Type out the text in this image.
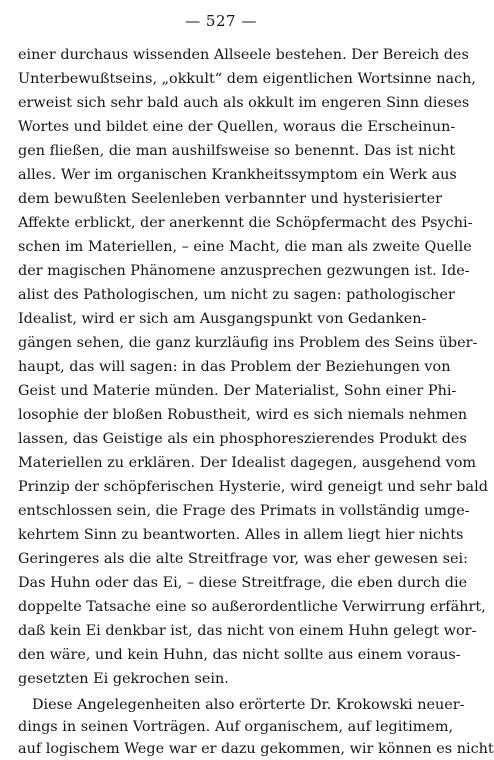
— 527 —
einer durchaus wissenden Allseele bestehen. Der Bereich des
Unterbewußtseins, „okkult“ dem eigentlichen Wortsinne nach,
erweist sich sehr bald auch als okkult im engeren Sinn dieses
Wortes und bildet eine der Quellen, woraus die Erscheinun-
gen fließen, die man aushilfsweise so benennt. Das ist nicht
alles. Wer im organischen Krankheitssymptom ein Werk aus
dem bewußten Seelenleben verbannter und hysterisierter
Affekte erblickt, der anerkennt die Schöpfermacht des Psychi-
schen im Materiellen, – eine Macht, die man als zweite Quelle
der magischen Phänomene anzusprechen gezwungen ist. Ide-
alist des Pathologischen, um nicht zu sagen: pathologischer
Idealist, wird er sich am Ausgangspunkt von Gedanken-
gängen sehen, die ganz kurzläufig ins Problem des Seins über-
haupt, das will sagen: in das Problem der Beziehungen von
Geist und Materie münden. Der Materialist, Sohn einer Phi-
losophie der bloßen Robustheit, wird es sich niemals nehmen
lassen, das Geistige als ein phosphoreszierendes Produkt des
Materiellen zu erklären. Der Idealist dagegen, ausgehend vom
Prinzip der schöpferischen Hysterie, wird geneigt und sehr bald
entschlossen sein, die Frage des Primats in vollständig umge-
kehrtem Sinn zu beantworten. Alles in allem liegt hier nichts
Geringeres als die alte Streitfrage vor, was eher gewesen sei:
Das Huhn oder das Ei, – diese Streitfrage, die eben durch die
doppelte Tatsache eine so außerordentliche Verwirrung erfährt,
daß kein Ei denkbar ist, das nicht von einem Huhn gelegt wor-
den wäre, und kein Huhn, das nicht sollte aus einem voraus-
gesetzten Ei gekrochen sein.
Diese Angelegenheiten also erörterte Dr. Krokowski neuer-
dings in seinen Vorträgen. Auf organischem, auf legitimem,
auf logischem Wege war er dazu gekommen, wir können es nicht
